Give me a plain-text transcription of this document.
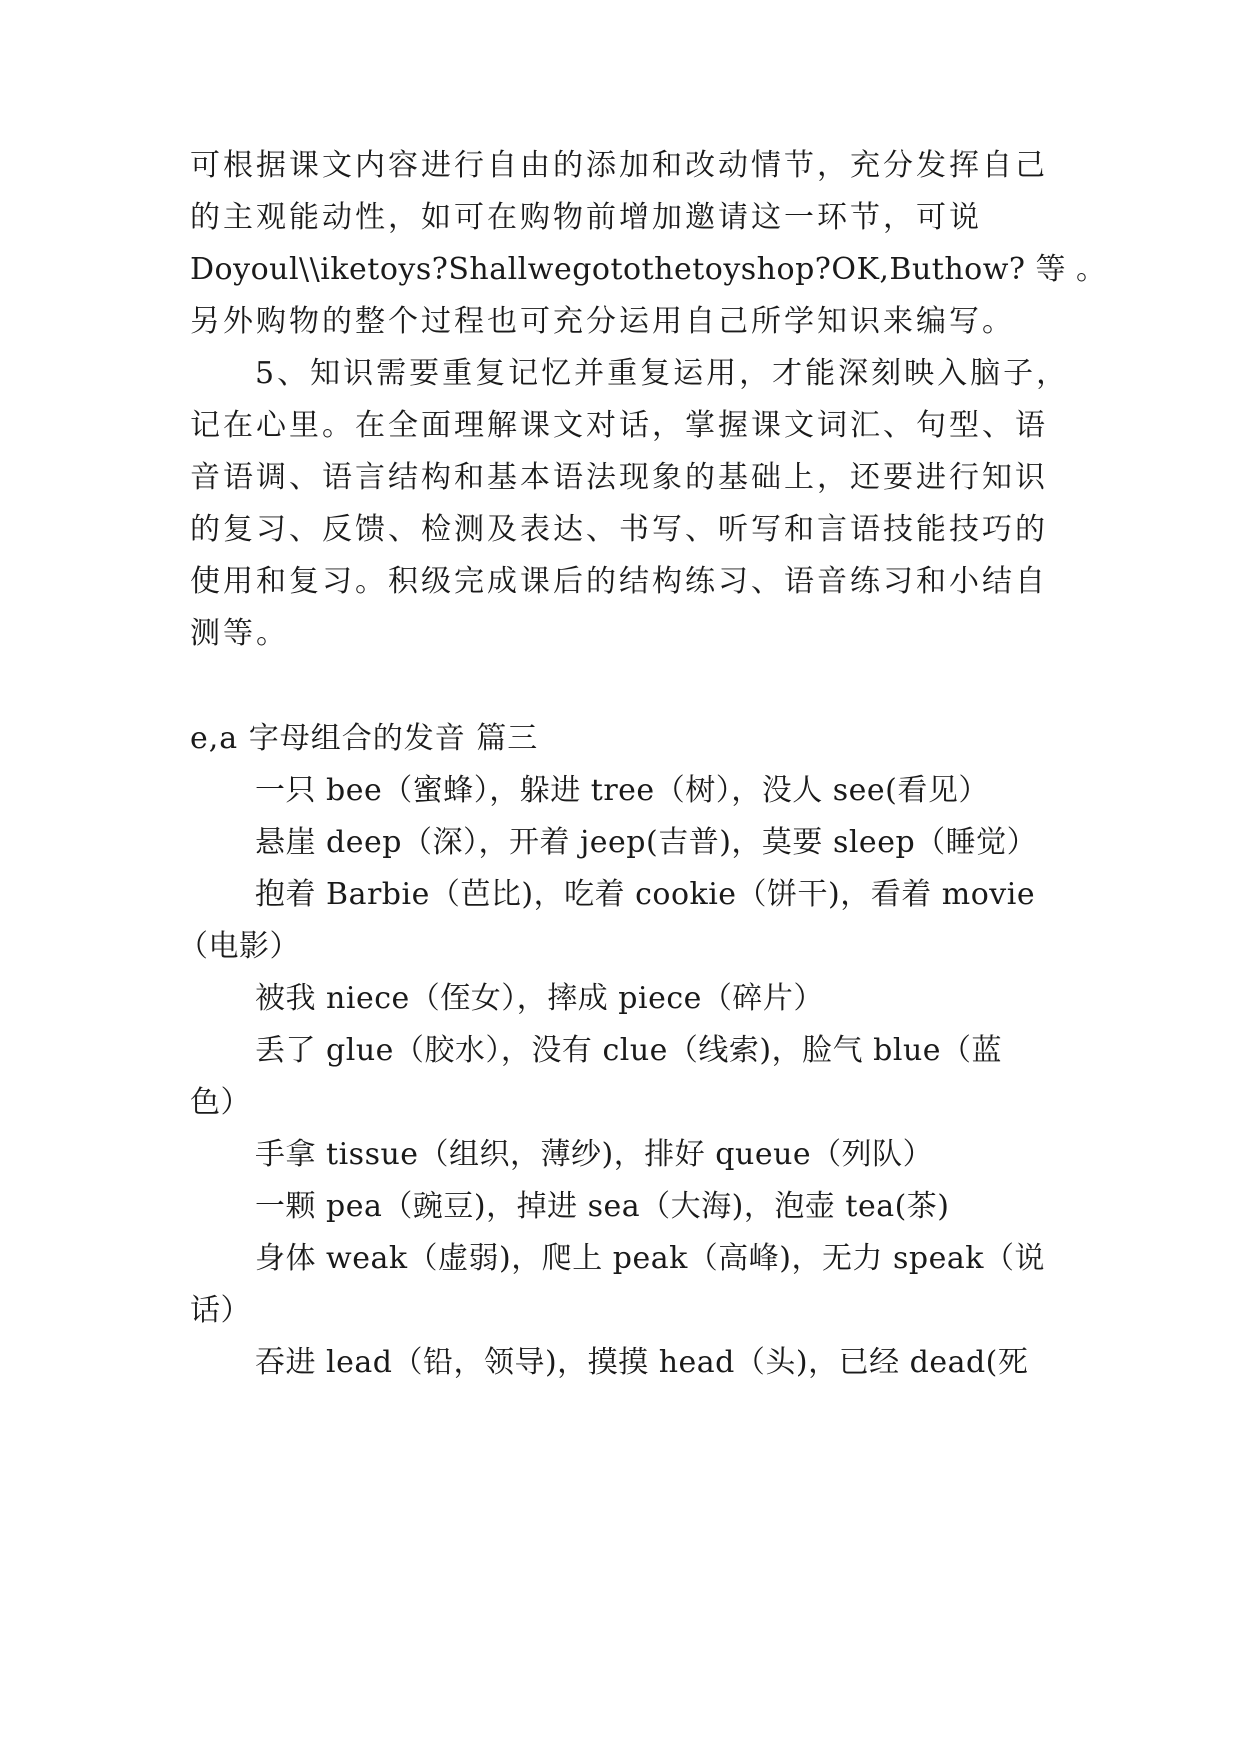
可根据课文内容进行自由的添加和改动情节，充分发挥自己
的主观能动性，如可在购物前增加邀请这一环节，可说
Doyoul\\iketoys?Shallwegotothetoyshop?OK,Buthow? 等 。
另外购物的整个过程也可充分运用自己所学知识来编写。
5、知识需要重复记忆并重复运用，才能深刻映入脑子，
记在心里。在全面理解课文对话，掌握课文词汇、句型、语
音语调、语言结构和基本语法现象的基础上，还要进行知识
的复习、反馈、检测及表达、书写、听写和言语技能技巧的
使用和复习。积级完成课后的结构练习、语音练习和小结自
测等。
e,a 字母组合的发音 篇三
一只 bee（蜜蜂），躲进 tree（树），没人 see(看见）
悬崖 deep（深），开着 jeep(吉普)，莫要 sleep（睡觉）
抱着 Barbie（芭比)，吃着 cookie（饼干)，看着 movie
（电影）
被我 niece（侄女），摔成 piece（碎片）
丢了 glue（胶水），没有 clue（线索)，脸气 blue（蓝
色）
手拿 tissue（组织，薄纱)，排好 queue（列队）
一颗 pea（豌豆)，掉进 sea（大海)，泡壶 tea(茶)
身体 weak（虚弱)，爬上 peak（高峰)，无力 speak（说
话）
吞进 lead（铅，领导)，摸摸 head（头)，已经 dead(死
